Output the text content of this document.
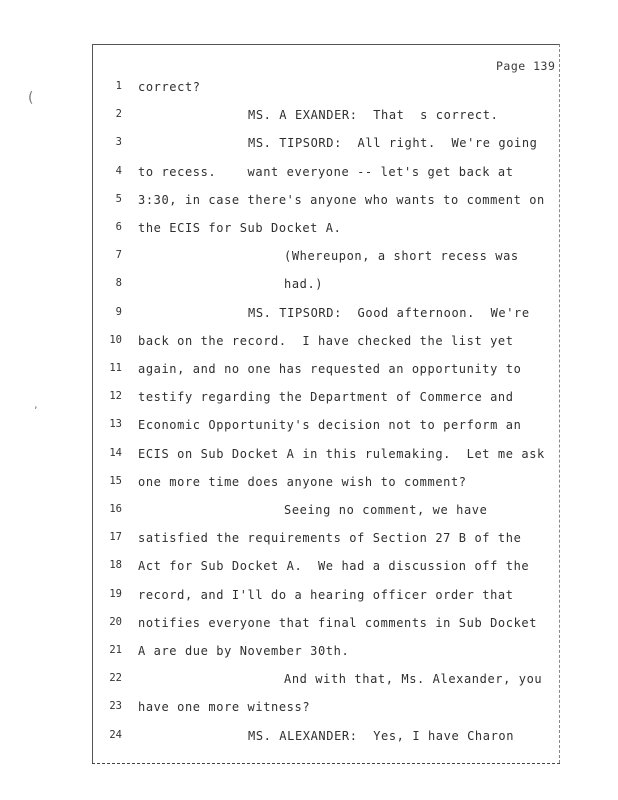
(
‚
Page 139
1 correct?
2	MS. A EXANDER:  That  s correct.
3	MS. TIPSORD:  All right.  We're going
4 to recess.    want everyone -- let's get back at
5 3:30, in case there's anyone who wants to comment on
6 the ECIS for Sub Docket A.
7	(Whereupon, a short recess was
8	had.)
9	MS. TIPSORD:  Good afternoon.  We're
10 back on the record.  I have checked the list yet
11 again, and no one has requested an opportunity to
12 testify regarding the Department of Commerce and
13 Economic Opportunity's decision not to perform an
14 ECIS on Sub Docket A in this rulemaking.  Let me ask
15 one more time does anyone wish to comment?
16	Seeing no comment, we have
17 satisfied the requirements of Section 27 B of the
18 Act for Sub Docket A.  We had a discussion off the
19 record, and I'll do a hearing officer order that
20 notifies everyone that final comments in Sub Docket
21 A are due by November 30th.
22	And with that, Ms. Alexander, you
23 have one more witness?
24	MS. ALEXANDER:  Yes, I have Charon
